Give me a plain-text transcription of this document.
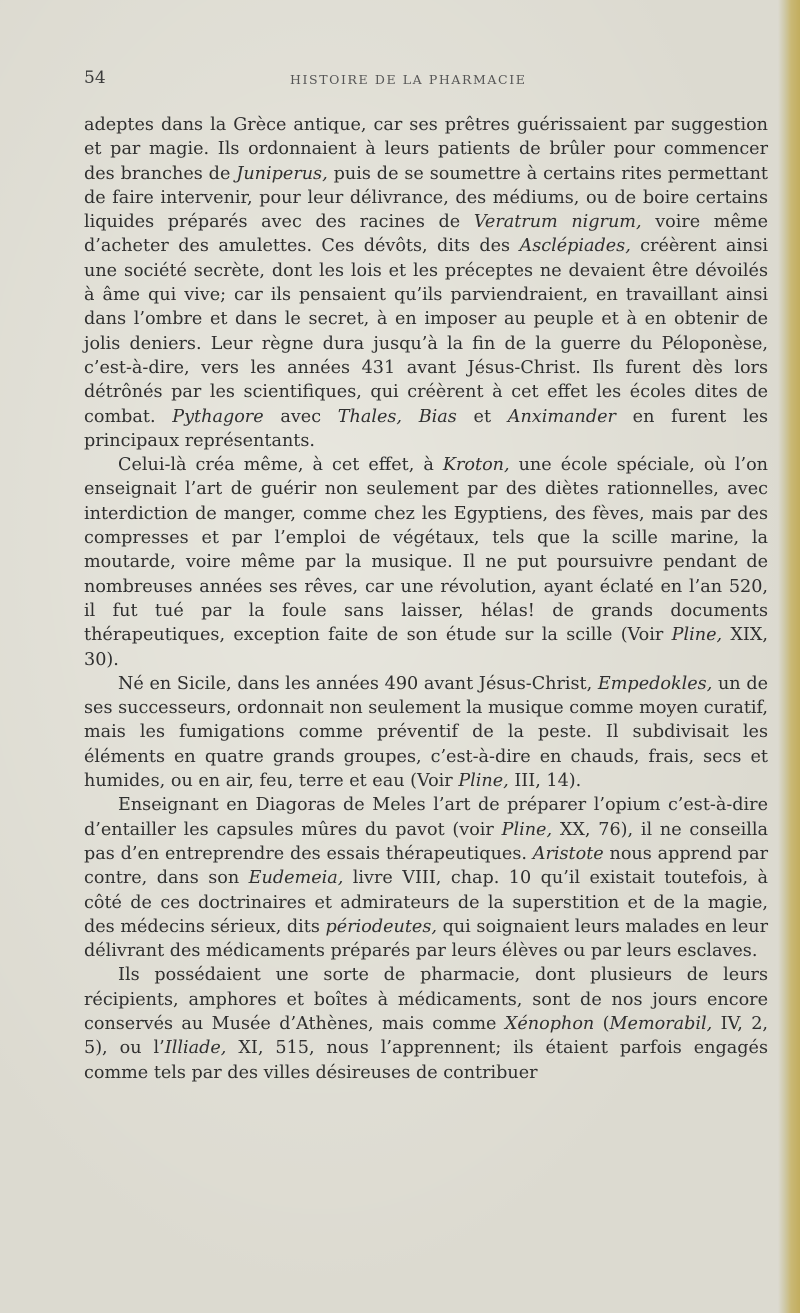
54	HISTOIRE DE LA PHARMACIE

adeptes dans la Grèce antique, car ses prêtres guérissaient par suggestion et par magie. Ils ordonnaient à leurs patients de brûler pour commencer des branches de Juniperus, puis de se soumettre à certains rites permettant de faire intervenir, pour leur délivrance, des médiums, ou de boire certains liquides préparés avec des racines de Veratrum nigrum, voire même d’acheter des amulettes. Ces dévôts, dits des Asclépiades, créèrent ainsi une société secrète, dont les lois et les préceptes ne devaient être dévoilés à âme qui vive; car ils pensaient qu’ils parviendraient, en travaillant ainsi dans l’ombre et dans le secret, à en imposer au peuple et à en obtenir de jolis deniers. Leur règne dura jusqu’à la fin de la guerre du Péloponèse, c’est-à-dire, vers les années 431 avant Jésus-Christ. Ils furent dès lors détrônés par les scientifiques, qui créèrent à cet effet les écoles dites de combat. Pythagore avec Thales, Bias et Anximander en furent les principaux représentants.

Celui-là créa même, à cet effet, à Kroton, une école spéciale, où l’on enseignait l’art de guérir non seulement par des diètes rationnelles, avec interdiction de manger, comme chez les Egyptiens, des fèves, mais par des compresses et par l’emploi de végétaux, tels que la scille marine, la moutarde, voire même par la musique. Il ne put poursuivre pendant de nombreuses années ses rêves, car une révolution, ayant éclaté en l’an 520, il fut tué par la foule sans laisser, hélas! de grands documents thérapeutiques, exception faite de son étude sur la scille (Voir Pline, XIX, 30).

Né en Sicile, dans les années 490 avant Jésus-Christ, Empedokles, un de ses successeurs, ordonnait non seulement la musique comme moyen curatif, mais les fumigations comme préventif de la peste. Il subdivisait les éléments en quatre grands groupes, c’est-à-dire en chauds, frais, secs et humides, ou en air, feu, terre et eau (Voir Pline, III, 14).

Enseignant en Diagoras de Meles l’art de préparer l’opium c’est-à-dire d’entailler les capsules mûres du pavot (voir Pline, XX, 76), il ne conseilla pas d’en entreprendre des essais thérapeutiques. Aristote nous apprend par contre, dans son Eudemeia, livre VIII, chap. 10 qu’il existait toutefois, à côté de ces doctrinaires et admirateurs de la superstition et de la magie, des médecins sérieux, dits périodeutes, qui soignaient leurs malades en leur délivrant des médicaments préparés par leurs élèves ou par leurs esclaves.

Ils possédaient une sorte de pharmacie, dont plusieurs de leurs récipients, amphores et boîtes à médicaments, sont de nos jours encore conservés au Musée d’Athènes, mais comme Xénophon (Memorabil, IV, 2, 5), ou l’Illiade, XI, 515, nous l’apprennent; ils étaient parfois engagés comme tels par des villes désireuses de contribuer
